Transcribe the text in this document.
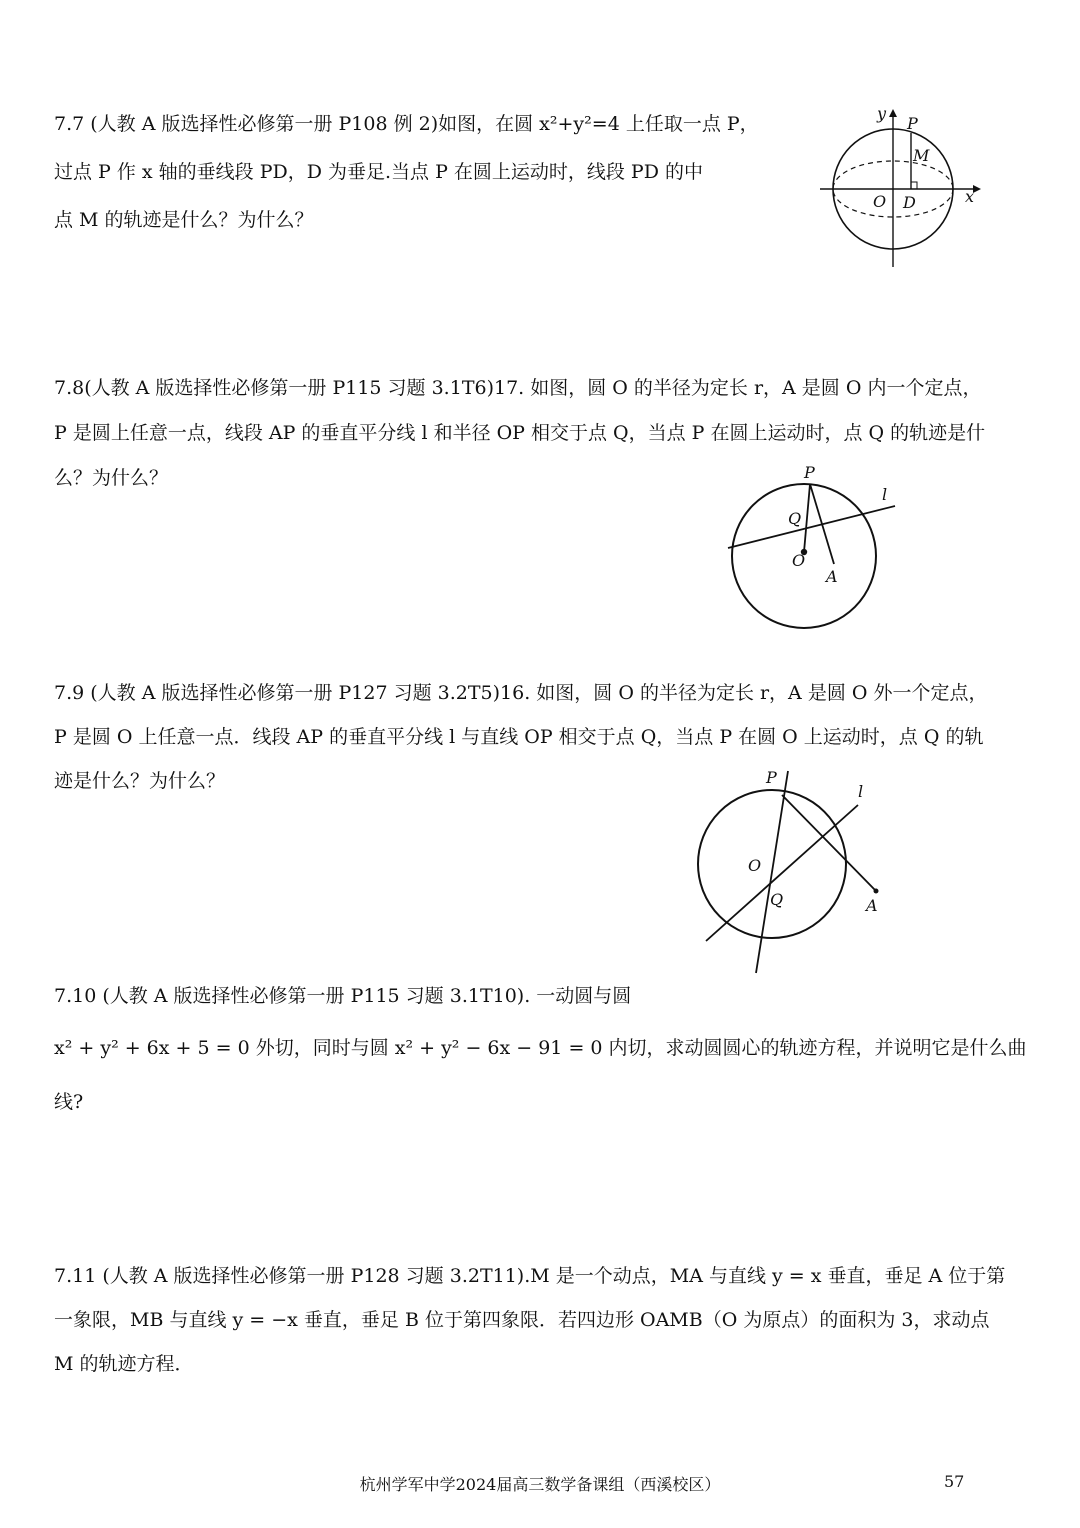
7.7 (人教 A 版选择性必修第一册 P108 例 2)如图，在圆 x²+y²=4 上任取一点 P，
过点 P 作 x 轴的垂线段 PD，D 为垂足.当点 P 在圆上运动时，线段 PD 的中
点 M 的轨迹是什么？为什么？
y
P
M
O D	x
7.8(人教 A 版选择性必修第一册 P115 习题 3.1T6)17. 如图，圆 O 的半径为定长 r，A 是圆 O 内一个定点，
P 是圆上任意一点，线段 AP 的垂直平分线 l 和半径 OP 相交于点 Q，当点 P 在圆上运动时，点 Q 的轨迹是什
么？为什么？	P
l
Q
O
A
7.9 (人教 A 版选择性必修第一册 P127 习题 3.2T5)16. 如图，圆 O 的半径为定长 r，A 是圆 O 外一个定点，
P 是圆 O 上任意一点．线段 AP 的垂直平分线 l 与直线 OP 相交于点 Q，当点 P 在圆 O 上运动时，点 Q 的轨
迹是什么？为什么？	P
l
O
Q	A
7.10 (人教 A 版选择性必修第一册 P115 习题 3.1T10). 一动圆与圆
x² + y² + 6x + 5 = 0 外切，同时与圆 x² + y² − 6x − 91 = 0 内切，求动圆圆心的轨迹方程，并说明它是什么曲
线?
7.11 (人教 A 版选择性必修第一册 P128 习题 3.2T11).M 是一个动点，MA 与直线 y = x 垂直，垂足 A 位于第
一象限，MB 与直线 y = −x 垂直，垂足 B 位于第四象限．若四边形 OAMB（O 为原点）的面积为 3，求动点
M 的轨迹方程．
杭州学军中学2024届高三数学备课组（西溪校区）	57
